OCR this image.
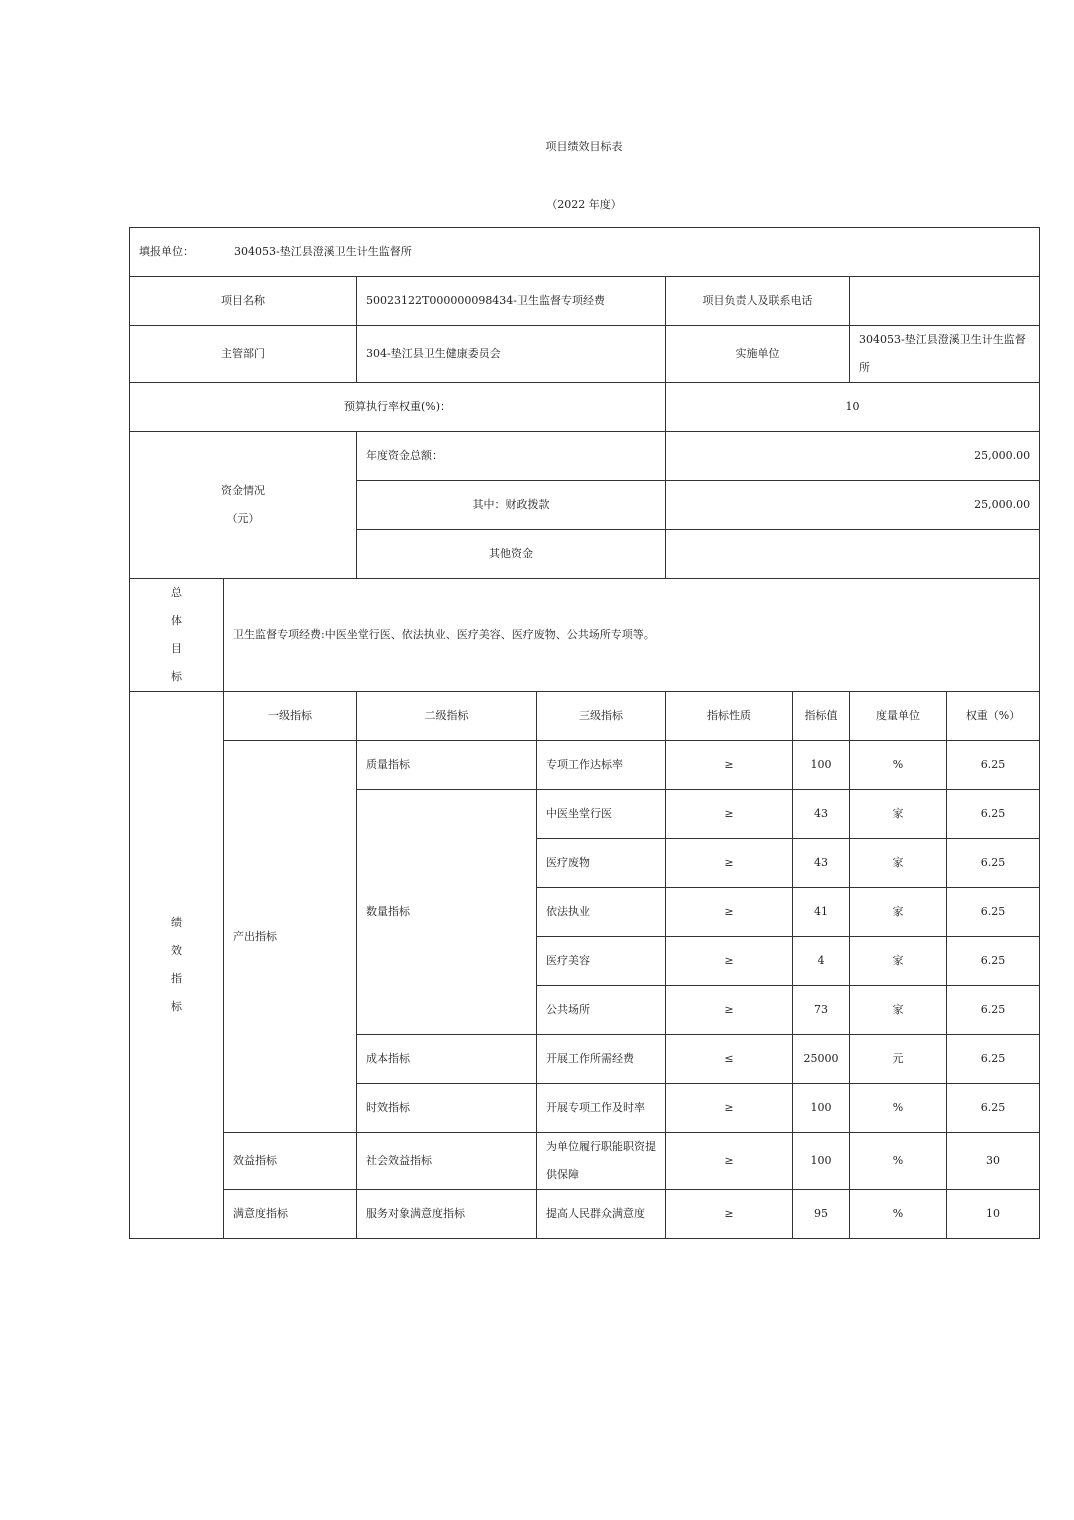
项目绩效目标表
（2022 年度）
填报单位： 304053-垫江县澄溪卫生计生监督所							
项目名称		50023122T000000098434-卫生监督专项经费		项目负责人及联系电话			
主管部门		304-垫江县卫生健康委员会		实施单位		304053-垫江县澄溪卫生计生监督所	
预算执行率权重(%)：				10			

资金情况
（元）		年度资金总额：		25,000.00			
		其中：财政拨款		25,000.00			
		其他资金					

总
体
目
标	卫生监督专项经费:中医坐堂行医、依法执业、医疗美容、医疗废物、公共场所专项等。						

绩
效
指
标	一级指标	二级指标	三级指标	指标性质	指标值	度量单位	权重（%）
	产出指标	质量指标	专项工作达标率	≥	100	%	6.25
		数量指标	中医坐堂行医	≥	43	家	6.25
			医疗废物	≥	43	家	6.25
			依法执业	≥	41	家	6.25
			医疗美容	≥	4	家	6.25
			公共场所	≥	73	家	6.25
		成本指标	开展工作所需经费	≤	25000	元	6.25
		时效指标	开展专项工作及时率	≥	100	%	6.25
	效益指标	社会效益指标	为单位履行职能职资提供保障	≥	100	%	30
	满意度指标	服务对象满意度指标	提高人民群众满意度	≥	95	%	10
